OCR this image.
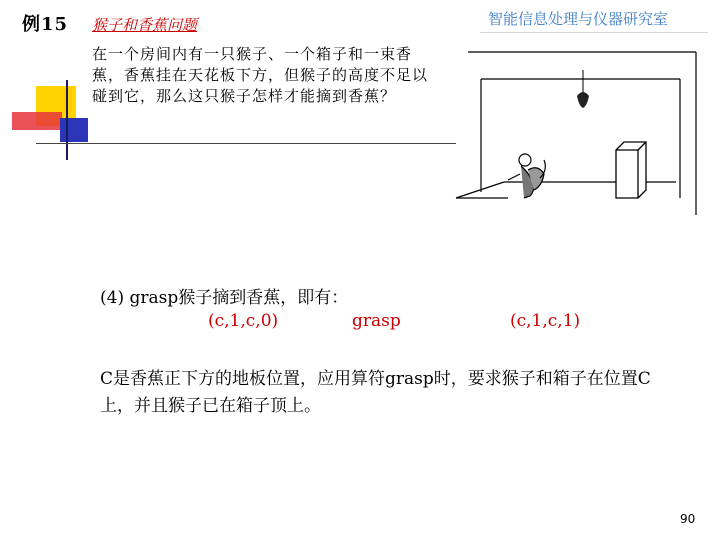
例15 猴子和香蕉问题	智能信息处理与仪器研究室
在一个房间内有一只猴子、一个箱子和一束香蕉，香蕉挂在天花板下方，但猴子的高度不足以碰到它，那么这只猴子怎样才能摘到香蕉？
(4) grasp猴子摘到香蕉，即有：
(c,1,c,0)	grasp	(c,1,c,1)
C是香蕉正下方的地板位置，应用算符grasp时，要求猴子和箱子在位置C上，并且猴子已在箱子顶上。
90
